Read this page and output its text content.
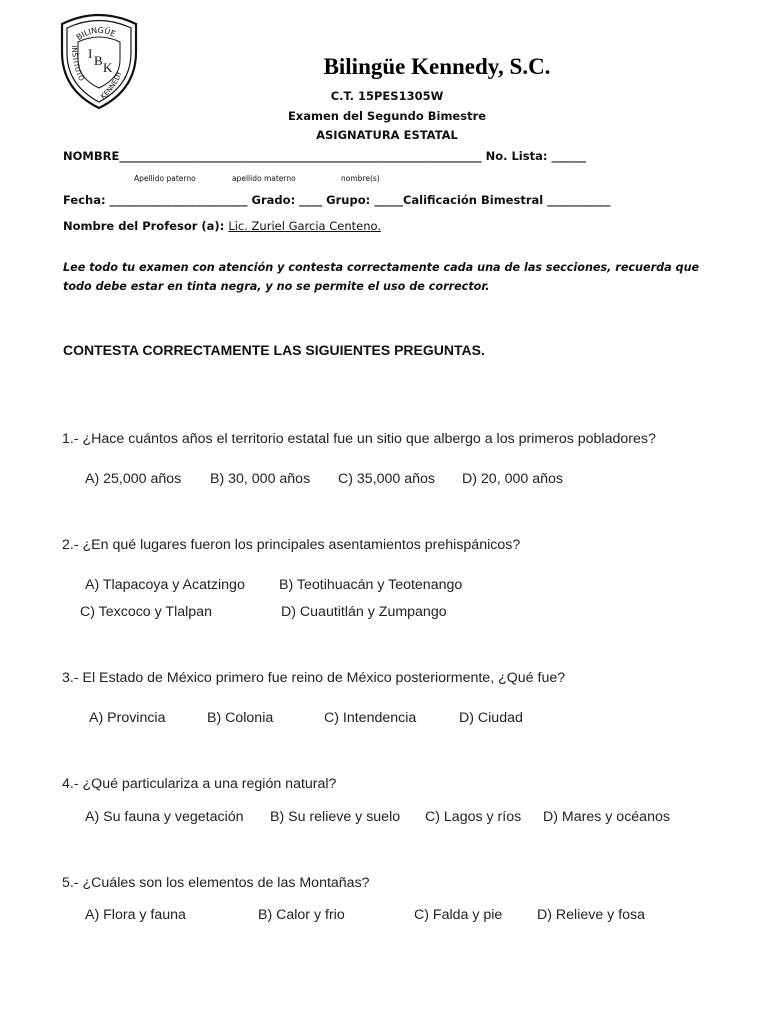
BILINGÜE
INSTITUTO
KENNEDY
I B K	Bilingüe Kennedy, S.C.
C.T. 15PES1305W
Examen del Segundo Bimestre
ASIGNATURA ESTATAL
NOMBRE_______________________________________________________________ No. Lista: ______
Apellido paterno	apellido materno	nombre(s)
Fecha: ________________________ Grado: ____ Grupo: _____Calificación Bimestral ___________
Nombre del Profesor (a): Lic. Zuriel Garcia Centeno.
Lee todo tu examen con atención y contesta correctamente cada una de las secciones, recuerda que todo debe estar en tinta negra, y no se permite el uso de corrector.
CONTESTA CORRECTAMENTE LAS SIGUIENTES PREGUNTAS.
1.- ¿Hace cuántos años el territorio estatal fue un sitio que albergo a los primeros pobladores?
A) 25,000 años B) 30, 000 años C) 35,000 años D) 20, 000 años
2.- ¿En qué lugares fueron los principales asentamientos prehispánicos?
A) Tlapacoya y Acatzingo B) Teotihuacán y Teotenango
C) Texcoco y Tlalpan	D) Cuautitlán y Zumpango
3.- El Estado de México primero fue reino de México posteriormente, ¿Qué fue?
A) Provincia	B) Colonia	C) Intendencia	D) Ciudad
4.- ¿Qué particulariza a una región natural?
A) Su fauna y vegetación B) Su relieve y suelo C) Lagos y ríos D) Mares y océanos
5.- ¿Cuáles son los elementos de las Montañas?
A) Flora y fauna	B) Calor y frio	C) Falda y pie D) Relieve y fosa
